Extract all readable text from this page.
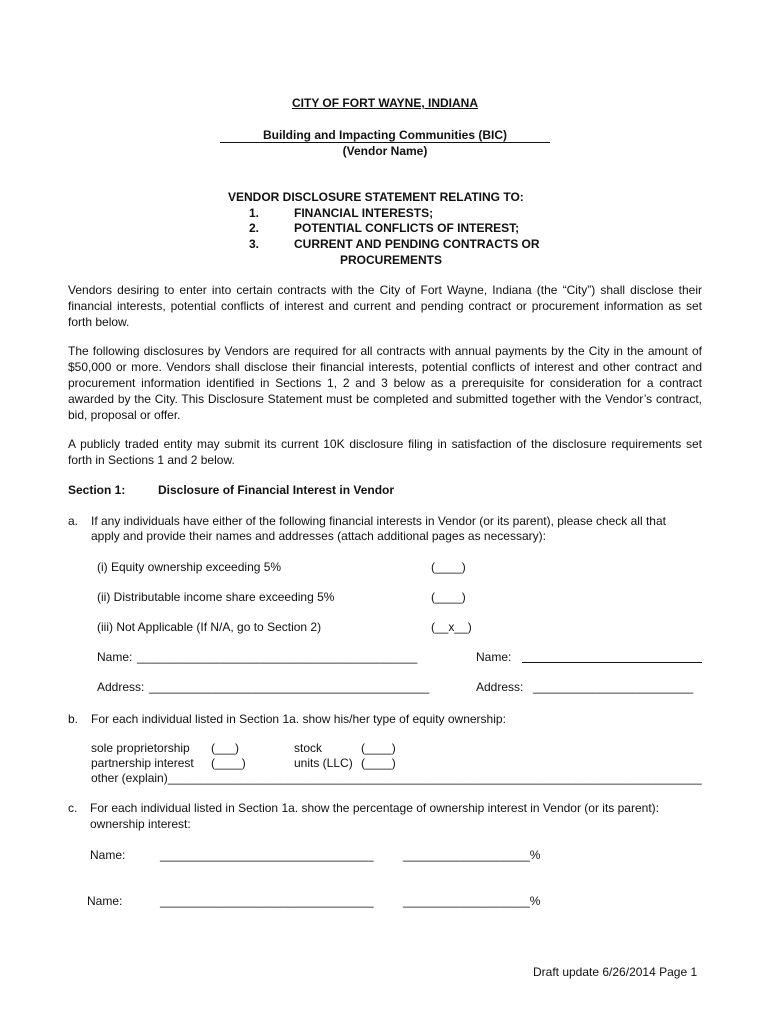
CITY OF FORT WAYNE, INDIANA
Building and Impacting Communities (BIC)
(Vendor Name)
VENDOR DISCLOSURE STATEMENT RELATING TO:
1.	FINANCIAL INTERESTS;
2.	POTENTIAL CONFLICTS OF INTEREST;
3.	CURRENT AND PENDING CONTRACTS OR
PROCUREMENTS
Vendors desiring to enter into certain contracts with the City of Fort Wayne, Indiana (the “City”) shall disclose their financial interests, potential conflicts of interest and current and pending contract or procurement information as set forth below.
The following disclosures by Vendors are required for all contracts with annual payments by the City in the amount of $50,000 or more. Vendors shall disclose their financial interests, potential conflicts of interest and other contract and procurement information identified in Sections 1, 2 and 3 below as a prerequisite for consideration for a contract awarded by the City. This Disclosure Statement must be completed and submitted together with the Vendor’s contract, bid, proposal or offer.
A publicly traded entity may submit its current 10K disclosure filing in satisfaction of the disclosure requirements set forth in Sections 1 and 2 below.
Section 1:	Disclosure of Financial Interest in Vendor
a. If any individuals have either of the following financial interests in Vendor (or its parent), please check all that
apply and provide their names and addresses (attach additional pages as necessary):
(i) Equity ownership exceeding 5%	(____)
(ii) Distributable income share exceeding 5%	(____)
(iii) Not Applicable (If N/A, go to Section 2)	(__x__)
Name: __________________________________________	Name:
Address: __________________________________________	Address: ________________________
b. For each individual listed in Section 1a. show his/her type of equity ownership:
sole proprietorship (___)	stock	(____)
partnership interest (____)	units (LLC) (____)
other (explain)________________________________________________________________________________
c. For each individual listed in Section 1a. show the percentage of ownership interest in Vendor (or its parent):
ownership interest:
Name:	________________________________ ___________________%
Name:	________________________________ ___________________%
Draft update 6/26/2014 Page 1
